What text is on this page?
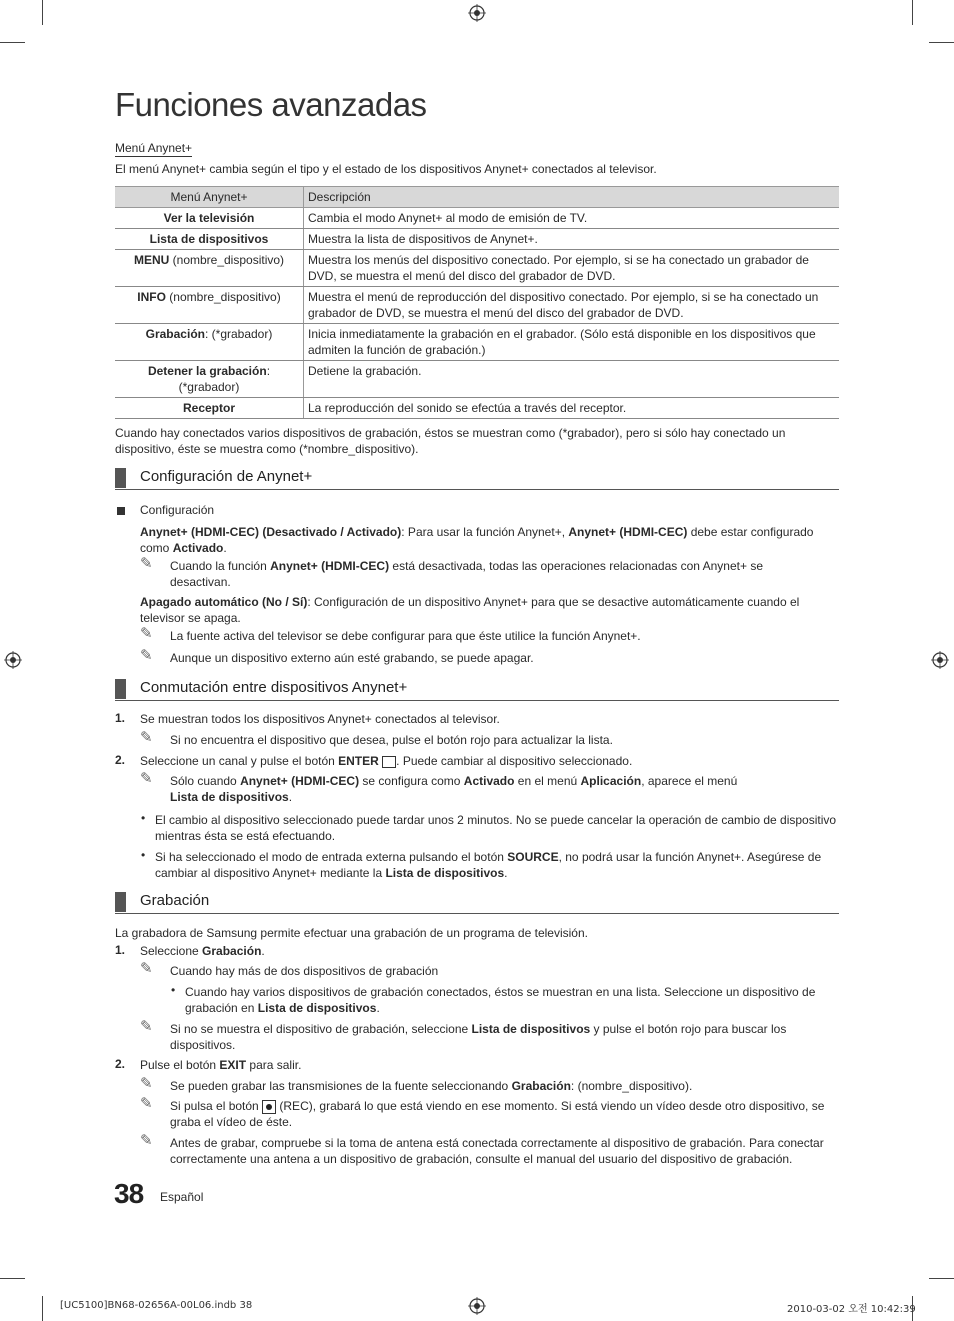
Funciones avanzadas
Menú Anynet+
El menú Anynet+ cambia según el tipo y el estado de los dispositivos Anynet+ conectados al televisor.
Menú Anynet+	Descripción
Ver la televisión	Cambia el modo Anynet+ al modo de emisión de TV.
Lista de dispositivos	Muestra la lista de dispositivos de Anynet+.
MENU (nombre_dispositivo)	Muestra los menús del dispositivo conectado. Por ejemplo, si se ha conectado un grabador de DVD, se muestra el menú del disco del grabador de DVD.
INFO (nombre_dispositivo)	Muestra el menú de reproducción del dispositivo conectado. Por ejemplo, si se ha conectado un grabador de DVD, se muestra el menú del disco del grabador de DVD.
Grabación: (*grabador)	Inicia inmediatamente la grabación en el grabador. (Sólo está disponible en los dispositivos que admiten la función de grabación.)
Detener la grabación: (*grabador)	Detiene la grabación.
Receptor	La reproducción del sonido se efectúa a través del receptor.
Cuando hay conectados varios dispositivos de grabación, éstos se muestran como (*grabador), pero si sólo hay conectado un dispositivo, éste se muestra como (*nombre_dispositivo).
Configuración de Anynet+
Configuración
Anynet+ (HDMI-CEC) (Desactivado / Activado): Para usar la función Anynet+, Anynet+ (HDMI-CEC) debe estar configurado como Activado.
✎	Cuando la función Anynet+ (HDMI-CEC) está desactivada, todas las operaciones relacionadas con Anynet+ se desactivan.
Apagado automático (No / Sí): Configuración de un dispositivo Anynet+ para que se desactive automáticamente cuando el televisor se apaga.
✎	La fuente activa del televisor se debe configurar para que éste utilice la función Anynet+.
✎	Aunque un dispositivo externo aún esté grabando, se puede apagar.
Conmutación entre dispositivos Anynet+
1. Se muestran todos los dispositivos Anynet+ conectados al televisor.
✎	Si no encuentra el dispositivo que desea, pulse el botón rojo para actualizar la lista.
2. Seleccione un canal y pulse el botón ENTER . Puede cambiar al dispositivo seleccionado.
✎	Sólo cuando Anynet+ (HDMI-CEC) se configura como Activado en el menú Aplicación, aparece el menú
Lista de dispositivos.
• El cambio al dispositivo seleccionado puede tardar unos 2 minutos. No se puede cancelar la operación de cambio de dispositivo mientras ésta se está efectuando.
• Si ha seleccionado el modo de entrada externa pulsando el botón SOURCE, no podrá usar la función Anynet+. Asegúrese de cambiar al dispositivo Anynet+ mediante la Lista de dispositivos.
Grabación
La grabadora de Samsung permite efectuar una grabación de un programa de televisión.
1. Seleccione Grabación.
✎	Cuando hay más de dos dispositivos de grabación
• Cuando hay varios dispositivos de grabación conectados, éstos se muestran en una lista. Seleccione un dispositivo de grabación en Lista de dispositivos.
✎	Si no se muestra el dispositivo de grabación, seleccione Lista de dispositivos y pulse el botón rojo para buscar los dispositivos.
2. Pulse el botón EXIT para salir.
✎	Se pueden grabar las transmisiones de la fuente seleccionando Grabación: (nombre_dispositivo).
✎	Si pulsa el botón  (REC), grabará lo que está viendo en ese momento. Si está viendo un vídeo desde otro dispositivo, se graba el vídeo de éste.
✎	Antes de grabar, compruebe si la toma de antena está conectada correctamente al dispositivo de grabación. Para conectar correctamente una antena a un dispositivo de grabación, consulte el manual del usuario del dispositivo de grabación.
38 Español
[UC5100]BN68-02656A-00L06.indb 38	2010-03-02 오전 10:42:39
